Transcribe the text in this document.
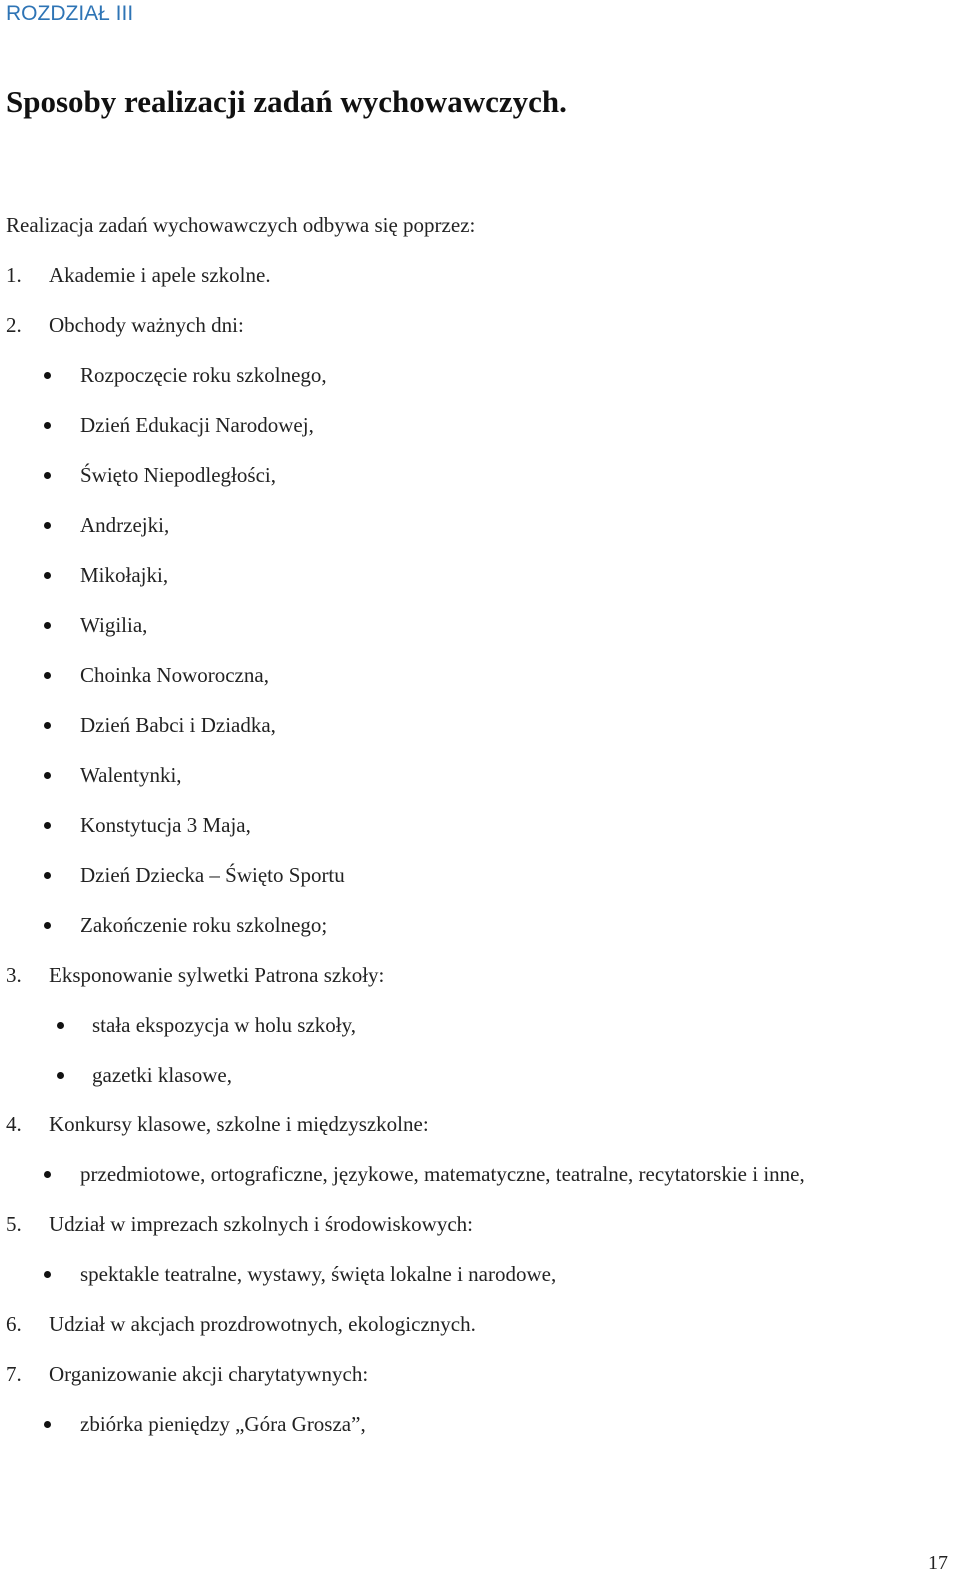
ROZDZIAŁ III
Sposoby realizacji zadań wychowawczych.
Realizacja zadań wychowawczych odbywa się poprzez:
1.	Akademie i apele szkolne.
2.	Obchody ważnych dni:
Rozpoczęcie roku szkolnego,
Dzień Edukacji Narodowej,
Święto Niepodległości,
Andrzejki,
Mikołajki,
Wigilia,
Choinka Noworoczna,
Dzień Babci i Dziadka,
Walentynki,
Konstytucja 3 Maja,
Dzień Dziecka – Święto Sportu
Zakończenie roku szkolnego;
3.	Eksponowanie sylwetki Patrona szkoły:
stała ekspozycja w holu szkoły,
gazetki klasowe,
4.	Konkursy klasowe, szkolne i międzyszkolne:
przedmiotowe, ortograficzne, językowe, matematyczne, teatralne, recytatorskie i inne,
5.	Udział w imprezach szkolnych i środowiskowych:
spektakle teatralne, wystawy, święta lokalne i narodowe,
6.	Udział w akcjach prozdrowotnych, ekologicznych.
7.	Organizowanie akcji charytatywnych:
zbiórka pieniędzy „Góra Grosza”,
17
